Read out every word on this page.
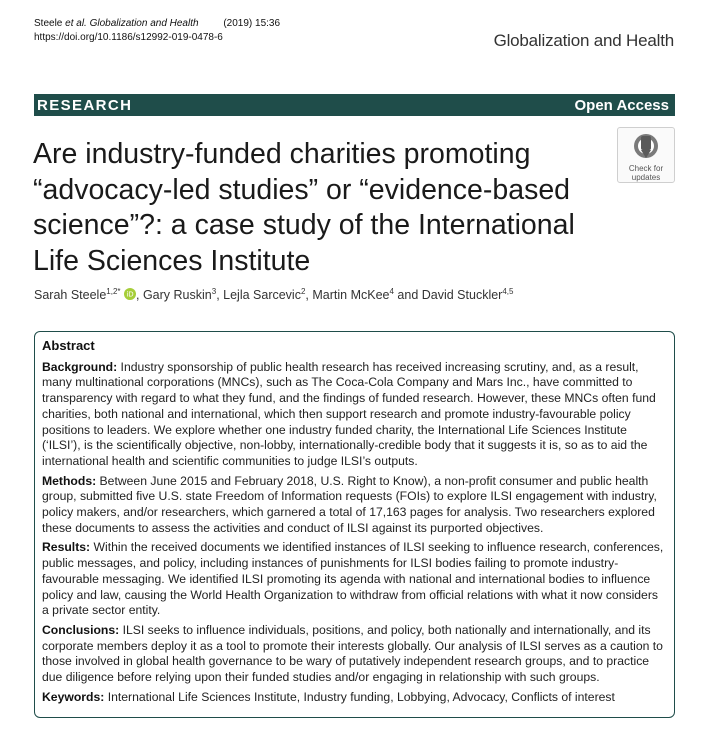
Steele et al. Globalization and Health (2019) 15:36
https://doi.org/10.1186/s12992-019-0478-6	Globalization and Health
RESEARCH	Open Access
Are industry-funded charities promoting “advocacy-led studies” or “evidence-based science”?: a case study of the International Life Sciences Institute
Check for updates
Sarah Steele$^{1,2*}$ iD , Gary Ruskin$^3$, Lejla Sarcevic$^2$, Martin McKee$^4$ and David Stuckler$^{4,5}$
Abstract

Background: Industry sponsorship of public health research has received increasing scrutiny, and, as a result, many multinational corporations (MNCs), such as The Coca-Cola Company and Mars Inc., have committed to transparency with regard to what they fund, and the findings of funded research. However, these MNCs often fund charities, both national and international, which then support research and promote industry-favourable policy positions to leaders. We explore whether one industry funded charity, the International Life Sciences Institute (‘ILSI’), is the scientifically objective, non-lobby, internationally-credible body that it suggests it is, so as to aid the international health and scientific communities to judge ILSI’s outputs.

Methods: Between June 2015 and February 2018, U.S. Right to Know), a non-profit consumer and public health group, submitted five U.S. state Freedom of Information requests (FOIs) to explore ILSI engagement with industry, policy makers, and/or researchers, which garnered a total of 17,163 pages for analysis. Two researchers explored these documents to assess the activities and conduct of ILSI against its purported objectives.

Results: Within the received documents we identified instances of ILSI seeking to influence research, conferences, public messages, and policy, including instances of punishments for ILSI bodies failing to promote industry-favourable messaging. We identified ILSI promoting its agenda with national and international bodies to influence policy and law, causing the World Health Organization to withdraw from official relations with what it now considers a private sector entity.

Conclusions: ILSI seeks to influence individuals, positions, and policy, both nationally and internationally, and its corporate members deploy it as a tool to promote their interests globally. Our analysis of ILSI serves as a caution to those involved in global health governance to be wary of putatively independent research groups, and to practice due diligence before relying upon their funded studies and/or engaging in relationship with such groups.

Keywords: International Life Sciences Institute, Industry funding, Lobbying, Advocacy, Conflicts of interest
